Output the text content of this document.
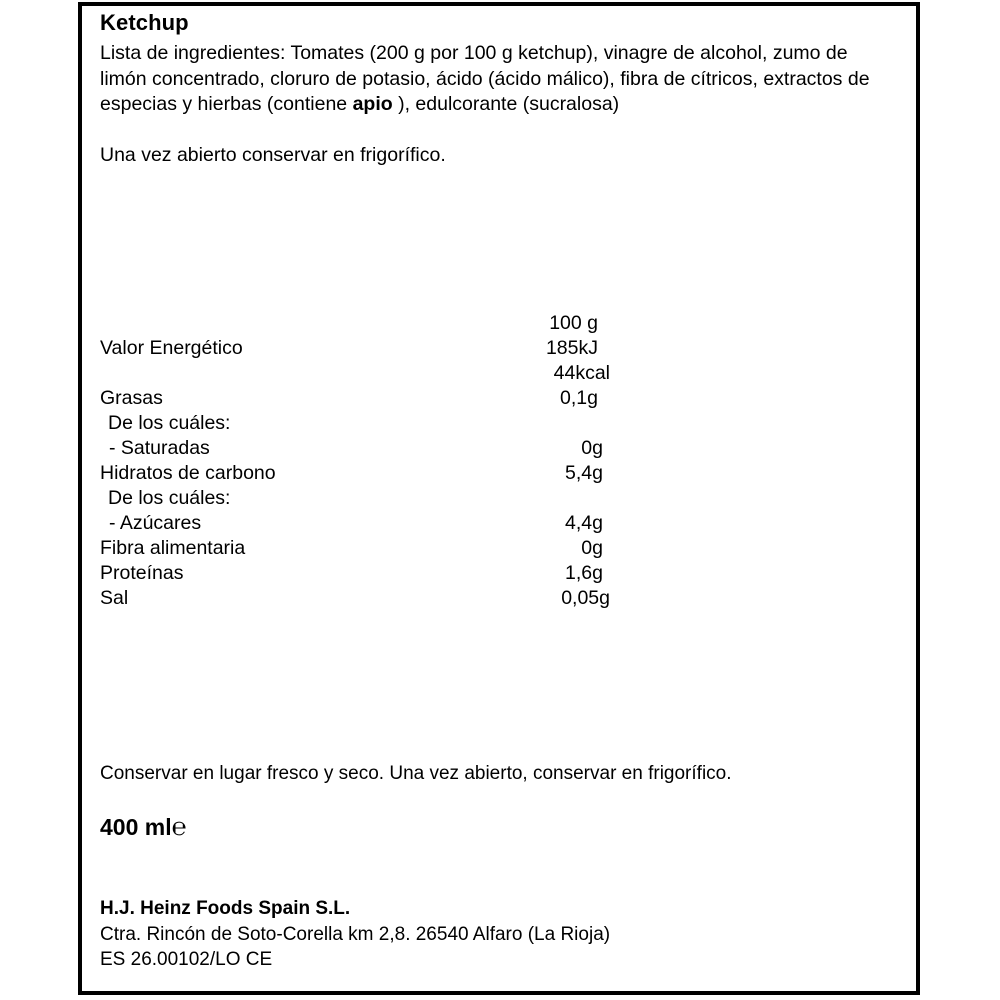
Ketchup

Lista de ingredientes: Tomates (200 g por 100 g ketchup), vinagre de alcohol, zumo de limón concentrado, cloruro de potasio, ácido (ácido málico), fibra de cítricos, extractos de especias y hierbas (contiene apio ), edulcorante (sucralosa)

Una vez abierto conservar en frigorífico.
100 g
Valor Energético	185kJ
44kcal
Grasas	0,1g
De los cuáles:
- Saturadas	0g
Hidratos de carbono	5,4g
De los cuáles:
- Azúcares	4,4g
Fibra alimentaria	0g
Proteínas	1,6g
Sal	0,05g
Conservar en lugar fresco y seco. Una vez abierto, conservar en frigorífico.
400 ml℮
H.J. Heinz Foods Spain S.L.
Ctra. Rincón de Soto-Corella km 2,8. 26540 Alfaro (La Rioja)
ES 26.00102/LO CE
